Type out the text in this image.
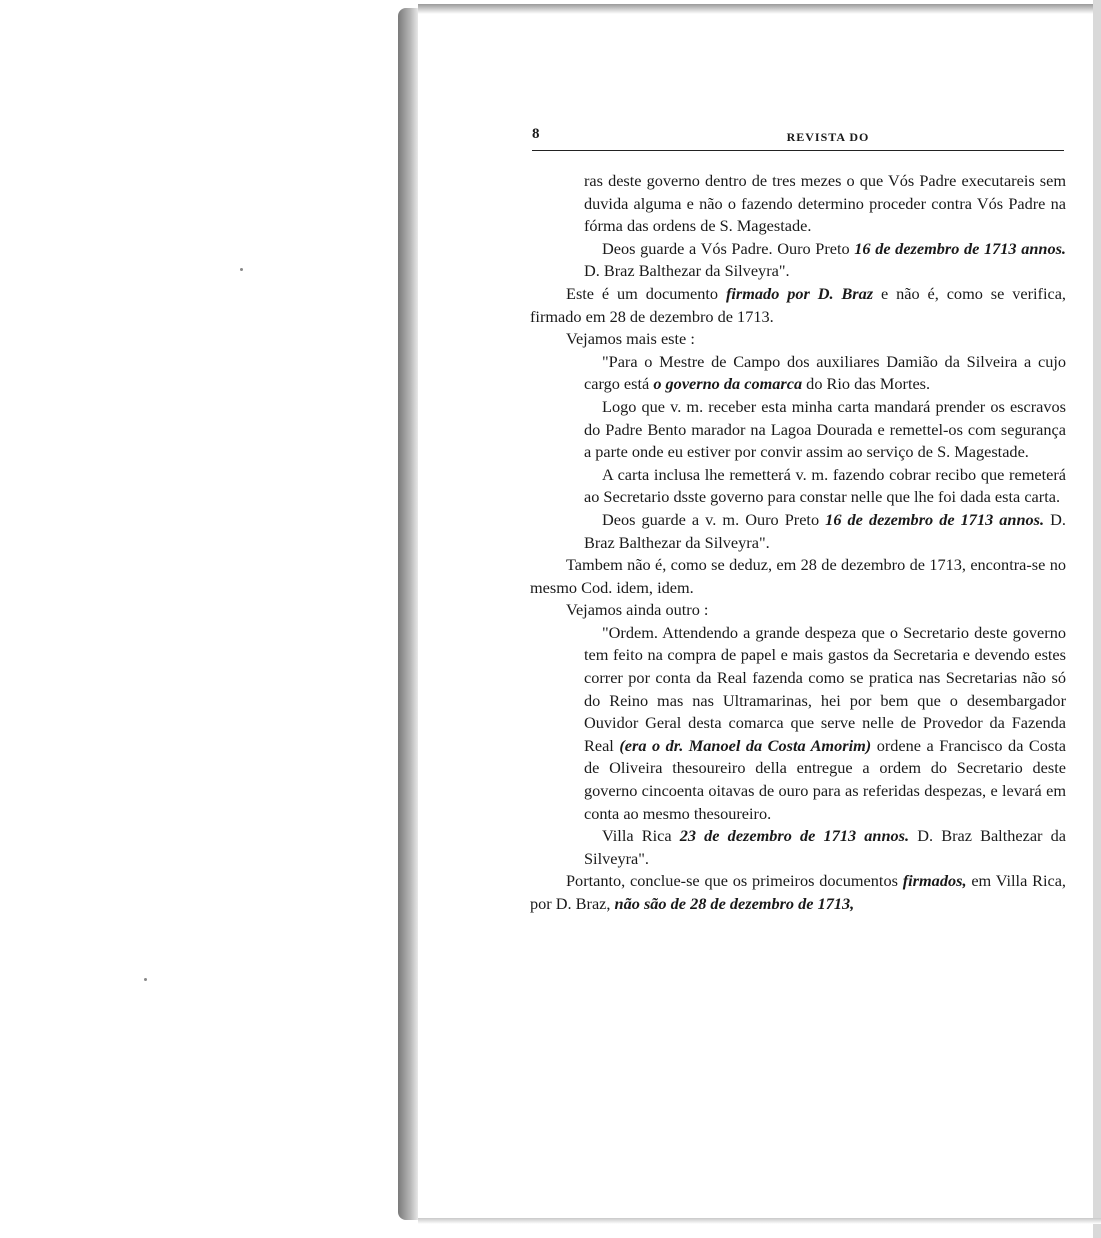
8	REVISTA DO

ras deste governo dentro de tres mezes o que Vós Padre executareis sem duvida alguma e não o fazendo determino proceder contra Vós Padre na fórma das ordens de S. Magestade.

Deos guarde a Vós Padre. Ouro Preto 16 de dezembro de 1713 annos. D. Braz Balthezar da Silveyra".

Este é um documento firmado por D. Braz e não é, como se verifica, firmado em 28 de dezembro de 1713.

Vejamos mais este :

"Para o Mestre de Campo dos auxiliares Damião da Silveira a cujo cargo está o governo da comarca do Rio das Mortes.

Logo que v. m. receber esta minha carta mandará prender os escravos do Padre Bento marador na Lagoa Dourada e remettel-os com segurança a parte onde eu estiver por convir assim ao serviço de S. Magestade.

A carta inclusa lhe remetterá v. m. fazendo cobrar recibo que remeterá ao Secretario dsste governo para constar nelle que lhe foi dada esta carta.

Deos guarde a v. m. Ouro Preto 16 de dezembro de 1713 annos. D. Braz Balthezar da Silveyra".

Tambem não é, como se deduz, em 28 de dezembro de 1713, encontra-se no mesmo Cod. idem, idem.

Vejamos ainda outro :

"Ordem. Attendendo a grande despeza que o Secretario deste governo tem feito na compra de papel e mais gastos da Secretaria e devendo estes correr por conta da Real fazenda como se pratica nas Secretarias não só do Reino mas nas Ultramarinas, hei por bem que o desembargador Ouvidor Geral desta comarca que serve nelle de Provedor da Fazenda Real (era o dr. Manoel da Costa Amorim) ordene a Francisco da Costa de Oliveira thesoureiro della entregue a ordem do Secretario deste governo cincoenta oitavas de ouro para as referidas despezas, e levará em conta ao mesmo thesoureiro.

Villa Rica 23 de dezembro de 1713 annos. D. Braz Balthezar da Silveyra".

Portanto, conclue-se que os primeiros documentos firmados, em Villa Rica, por D. Braz, não são de 28 de dezembro de 1713,
